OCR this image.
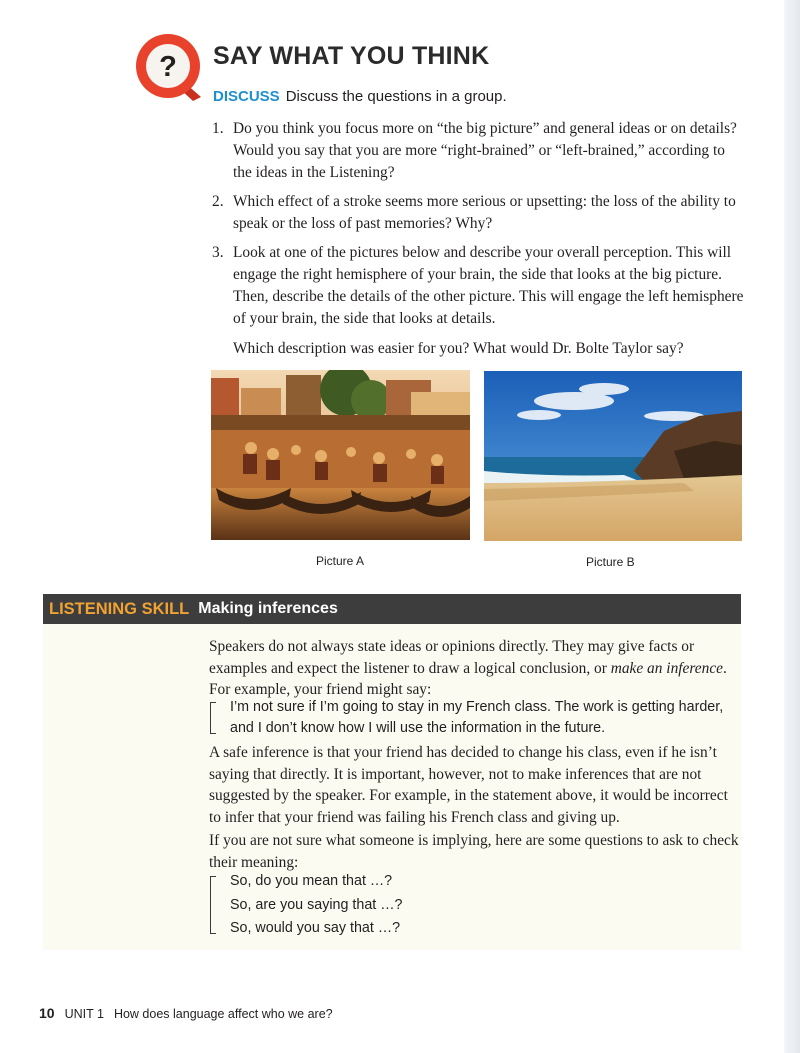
? SAY WHAT YOU THINK
DISCUSS Discuss the questions in a group.
1. Do you think you focus more on “the big picture” and general ideas or on details? Would you say that you are more “right-brained” or “left-brained,” according to the ideas in the Listening?
2. Which effect of a stroke seems more serious or upsetting: the loss of the ability to speak or the loss of past memories? Why?
3. Look at one of the pictures below and describe your overall perception. This will engage the right hemisphere of your brain, the side that looks at the big picture. Then, describe the details of the other picture. This will engage the left hemisphere of your brain, the side that looks at details.
Which description was easier for you? What would Dr. Bolte Taylor say?
Picture A	Picture B
LISTENING SKILL Making inferences
Speakers do not always state ideas or opinions directly. They may give facts or examples and expect the listener to draw a logical conclusion, or make an inference. For example, your friend might say:
I’m not sure if I’m going to stay in my French class. The work is getting harder, and I don’t know how I will use the information in the future.
A safe inference is that your friend has decided to change his class, even if he isn’t saying that directly. It is important, however, not to make inferences that are not suggested by the speaker. For example, in the statement above, it would be incorrect to infer that your friend was failing his French class and giving up.
If you are not sure what someone is implying, here are some questions to ask to check their meaning:
So, do you mean that …?
So, are you saying that …?
So, would you say that …?
10 UNIT 1 How does language affect who we are?
